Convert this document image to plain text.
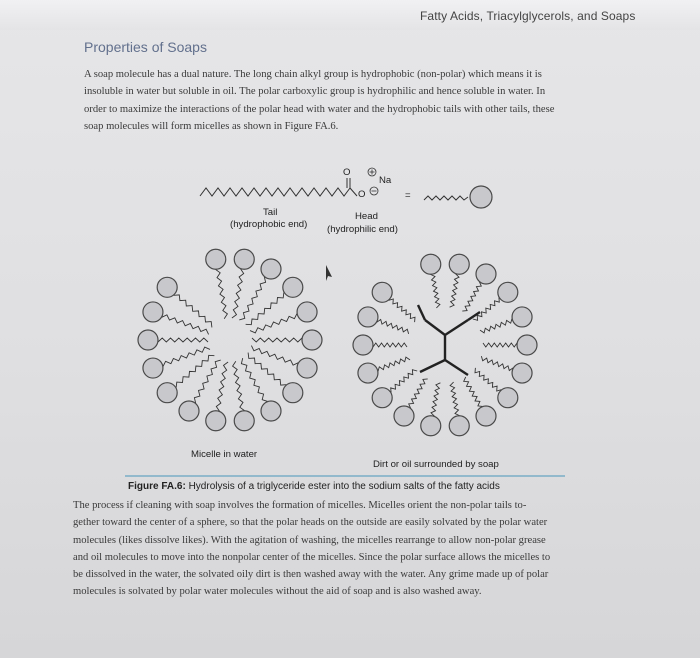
Fatty Acids, Triacylglycerols, and Soaps
Properties of Soaps
A soap molecule has a dual nature. The long chain alkyl group is hydrophobic (non-polar) which means it is
insoluble in water but soluble in oil. The polar carboxylic group is hydrophilic and hence soluble in water. In
order to maximize the interactions of the polar head with water and the hydrophobic tails with other tails, these
soap molecules will form micelles as shown in Figure FA.6.
O
Na
O	=
Tail
(hydrophobic end)
Head
(hydrophilic end)
Micelle in water
Dirt or oil surrounded by soap
Figure FA.6: Hydrolysis of a triglyceride ester into the sodium salts of the fatty acids
The process if cleaning with soap involves the formation of micelles. Micelles orient the non-polar tails to-
gether toward the center of a sphere, so that the polar heads on the outside are easily solvated by the polar water
molecules (likes dissolve likes). With the agitation of washing, the micelles rearrange to allow non-polar grease
and oil molecules to move into the nonpolar center of the micelles. Since the polar surface allows the micelles to
be dissolved in the water, the solvated oily dirt is then washed away with the water. Any grime made up of polar
molecules is solvated by polar water molecules without the aid of soap and is also washed away.
